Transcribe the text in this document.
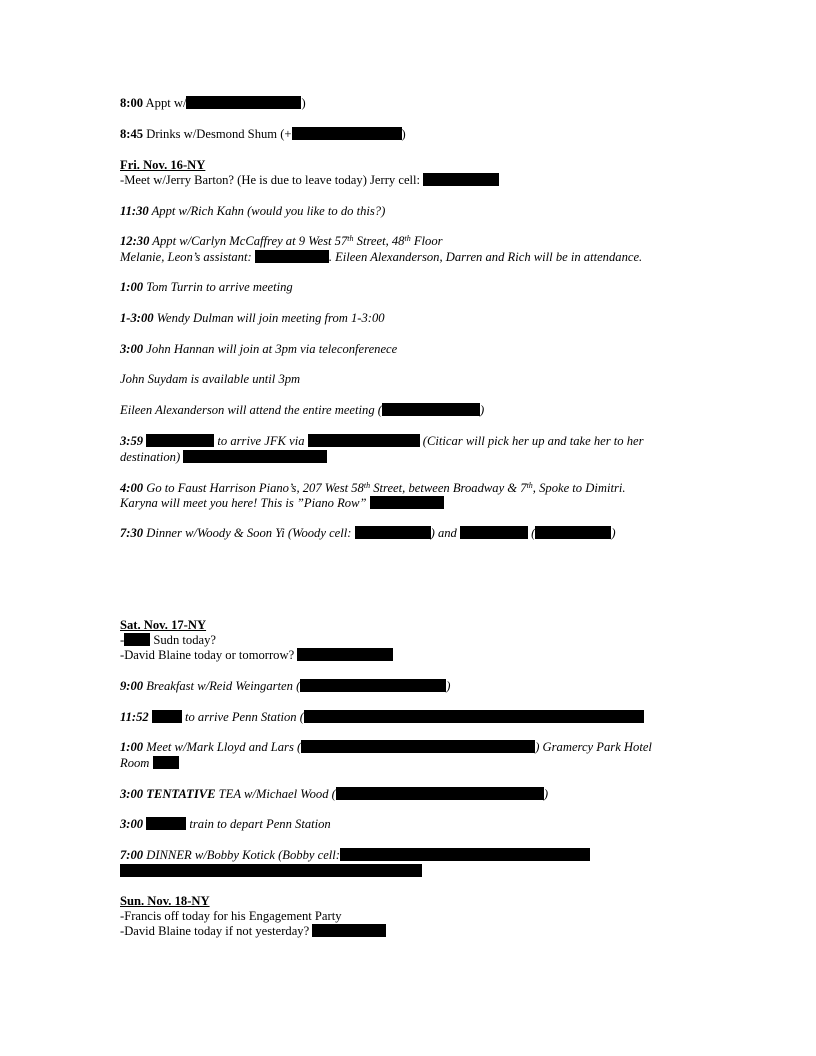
8:00 Appt w/	)
8:45 Drinks w/Desmond Shum (+	)
Fri. Nov. 16-NY
-Meet w/Jerry Barton? (He is due to leave today) Jerry cell:
11:30 Appt w/Rich Kahn (would you like to do this?)
12:30 Appt w/Carlyn McCaffrey at 9 West 57th Street, 48th Floor
Melanie, Leon’s assistant:	. Eileen Alexanderson, Darren and Rich will be in attendance.
1:00 Tom Turrin to arrive meeting
1-3:00 Wendy Dulman will join meeting from 1-3:00
3:00 John Hannan will join at 3pm via teleconferenece
John Suydam is available until 3pm
Eileen Alexanderson will attend the entire meeting (	)
3:59	to arrive JFK via	(Citicar will pick her up and take her to her
destination)
4:00 Go to Faust Harrison Piano’s, 207 West 58th Street, between Broadway & 7th, Spoke to Dimitri.
Karyna will meet you here! This is ”Piano Row”
7:30 Dinner w/Woody & Soon Yi (Woody cell:	) and	(	)
Sat. Nov. 17-NY
- Sudn today?
-David Blaine today or tomorrow?
9:00 Breakfast w/Reid Weingarten (	)
11:52	to arrive Penn Station (
1:00 Meet w/Mark Lloyd and Lars (	) Gramercy Park Hotel
Room
3:00 TENTATIVE TEA w/Michael Wood (	)
3:00	train to depart Penn Station
7:00 DINNER w/Bobby Kotick (Bobby cell:
Sun. Nov. 18-NY
-Francis off today for his Engagement Party
-David Blaine today if not yesterday?
